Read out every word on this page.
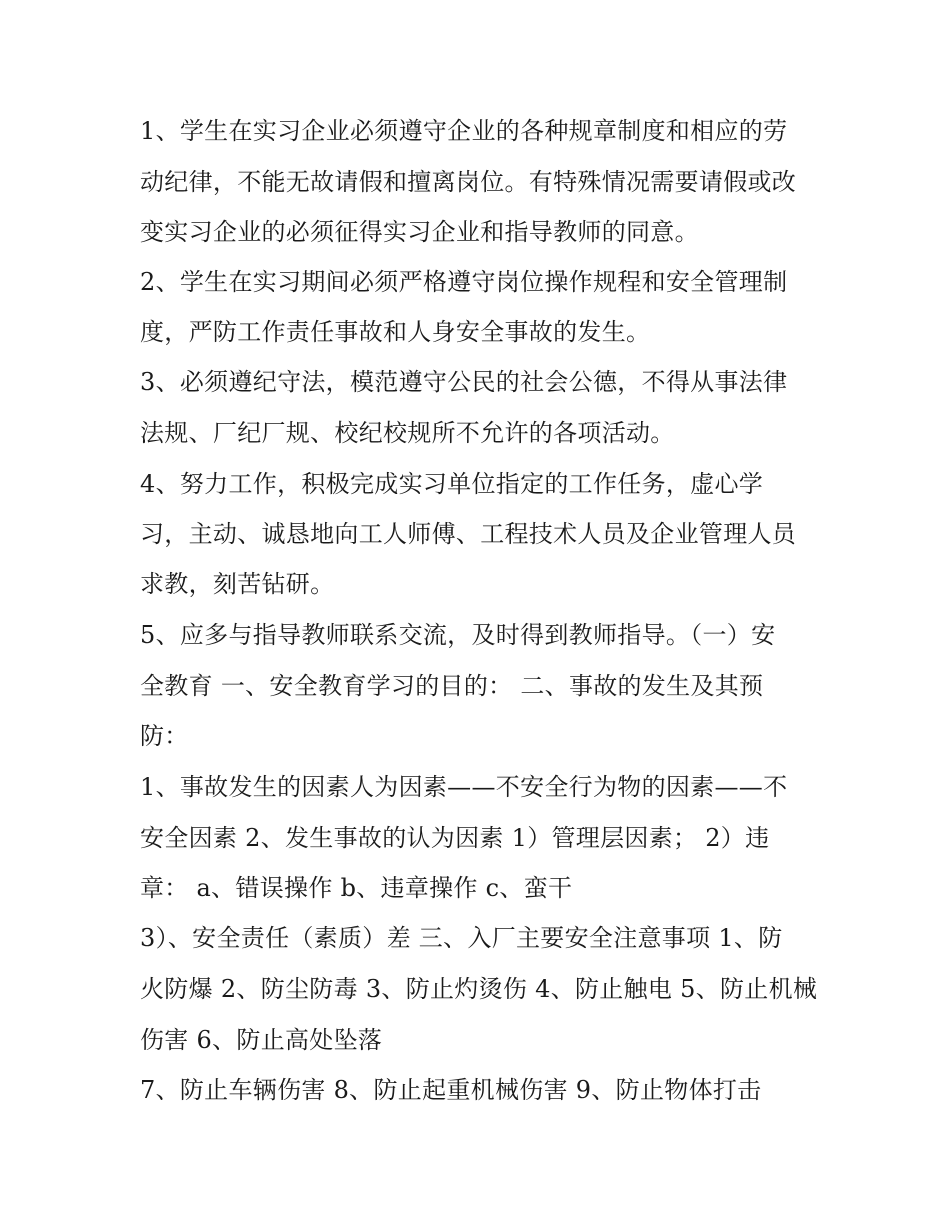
1、学生在实习企业必须遵守企业的各种规章制度和相应的劳
动纪律，不能无故请假和擅离岗位。有特殊情况需要请假或改
变实习企业的必须征得实习企业和指导教师的同意。
2、学生在实习期间必须严格遵守岗位操作规程和安全管理制
度，严防工作责任事故和人身安全事故的发生。
3、必须遵纪守法，模范遵守公民的社会公德，不得从事法律
法规、厂纪厂规、校纪校规所不允许的各项活动。
4、努力工作，积极完成实习单位指定的工作任务，虚心学
习，主动、诚恳地向工人师傅、工程技术人员及企业管理人员
求教，刻苦钻研。
5、应多与指导教师联系交流，及时得到教师指导。（一）安
全教育 一、安全教育学习的目的： 二、事故的发生及其预
防：
1、事故发生的因素人为因素——不安全行为物的因素——不
安全因素 2、发生事故的认为因素 1）管理层因素； 2）违
章： a、错误操作 b、违章操作 c、蛮干
3）、安全责任（素质）差 三、入厂主要安全注意事项 1、防
火防爆 2、防尘防毒 3、防止灼烫伤 4、防止触电 5、防止机械
伤害 6、防止高处坠落
7、防止车辆伤害 8、防止起重机械伤害 9、防止物体打击
